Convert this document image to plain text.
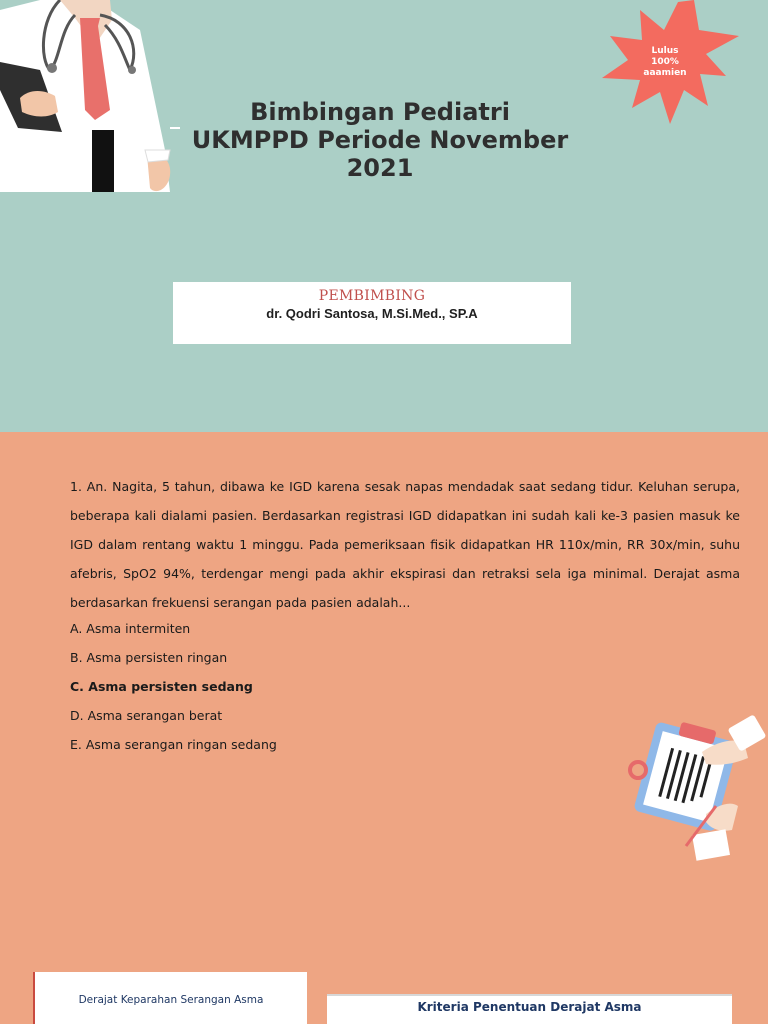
Bimbingan Pediatri
UKMPPD Periode November
2021
Lulus
100%
aaamien
PEMBIMBING
dr. Qodri Santosa, M.Si.Med., SP.A

1. An. Nagita, 5 tahun, dibawa ke IGD karena sesak napas mendadak saat sedang tidur. Keluhan serupa, beberapa kali dialami pasien. Berdasarkan registrasi IGD didapatkan ini sudah kali ke-3 pasien masuk ke IGD dalam rentang waktu 1 minggu. Pada pemeriksaan fisik didapatkan HR 110x/min, RR 30x/min, suhu afebris, SpO2 94%, terdengar mengi pada akhir ekspirasi dan retraksi sela iga minimal. Derajat asma berdasarkan frekuensi serangan pada pasien adalah...

A. Asma intermiten
B. Asma persisten ringan
C. Asma persisten sedang
D. Asma serangan berat
E. Asma serangan ringan sedang
Derajat Keparahan Serangan Asma	Kriteria Penentuan Derajat Asma
